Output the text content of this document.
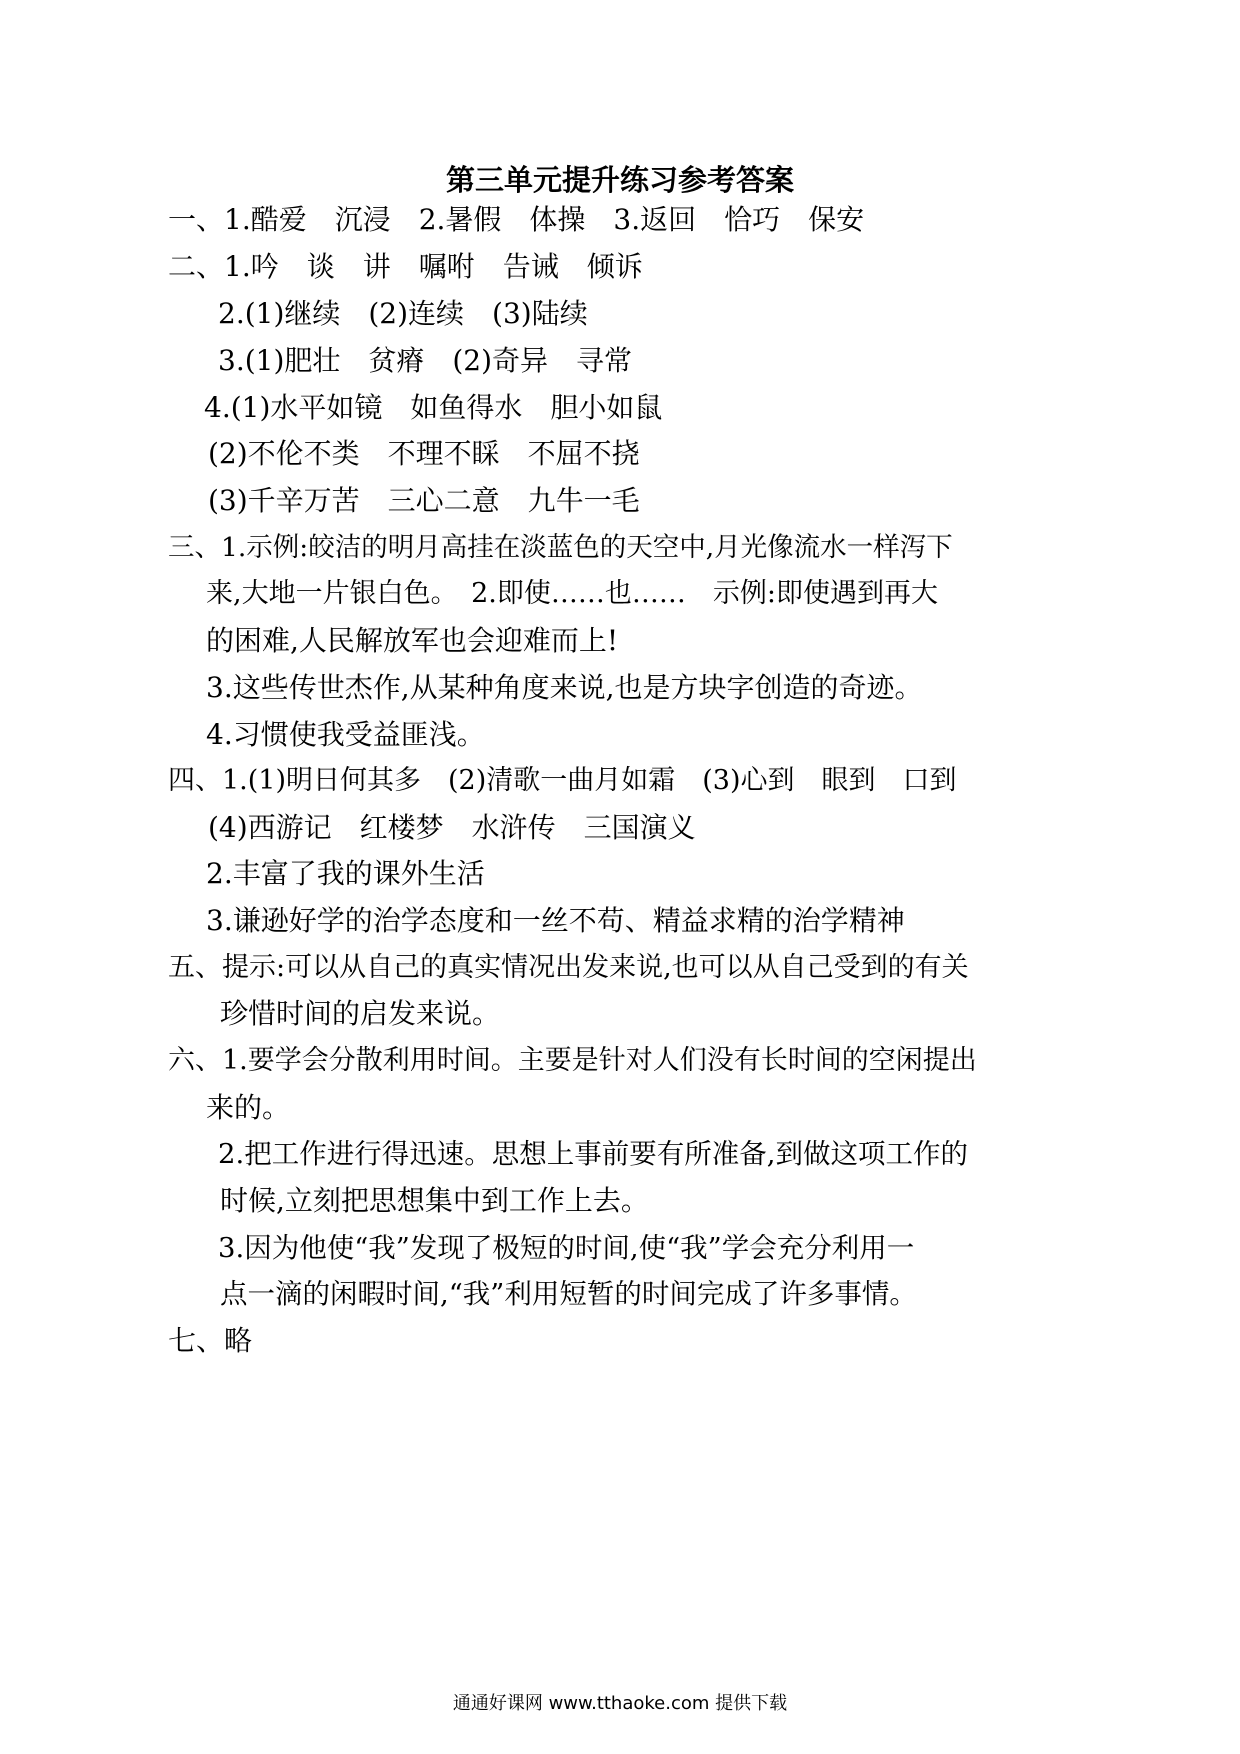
第三单元提升练习参考答案
一、1.酷爱　沉浸　2.暑假　体操　3.返回　恰巧　保安
二、1.吟　谈　讲　嘱咐　告诫　倾诉
2.(1)继续　(2)连续　(3)陆续
3.(1)肥壮　贫瘠　(2)奇异　寻常
4.(1)水平如镜　如鱼得水　胆小如鼠
(2)不伦不类　不理不睬　不屈不挠
(3)千辛万苦　三心二意　九牛一毛
三、1.示例:皎洁的明月高挂在淡蓝色的天空中,月光像流水一样泻下
来,大地一片银白色。　2.即使……也……　示例:即使遇到再大
的困难,人民解放军也会迎难而上!
3.这些传世杰作,从某种角度来说,也是方块字创造的奇迹。
4.习惯使我受益匪浅。
四、1.(1)明日何其多　(2)清歌一曲月如霜　(3)心到　眼到　口到
(4)西游记　红楼梦　水浒传　三国演义
2.丰富了我的课外生活
3.谦逊好学的治学态度和一丝不苟、精益求精的治学精神
五、提示:可以从自己的真实情况出发来说,也可以从自己受到的有关
珍惜时间的启发来说。
六、1.要学会分散利用时间。主要是针对人们没有长时间的空闲提出
来的。
2.把工作进行得迅速。思想上事前要有所准备,到做这项工作的
时候,立刻把思想集中到工作上去。
3.因为他使“我”发现了极短的时间,使“我”学会充分利用一
点一滴的闲暇时间,“我”利用短暂的时间完成了许多事情。
七、略
通通好课网 www.tthaoke.com 提供下载
